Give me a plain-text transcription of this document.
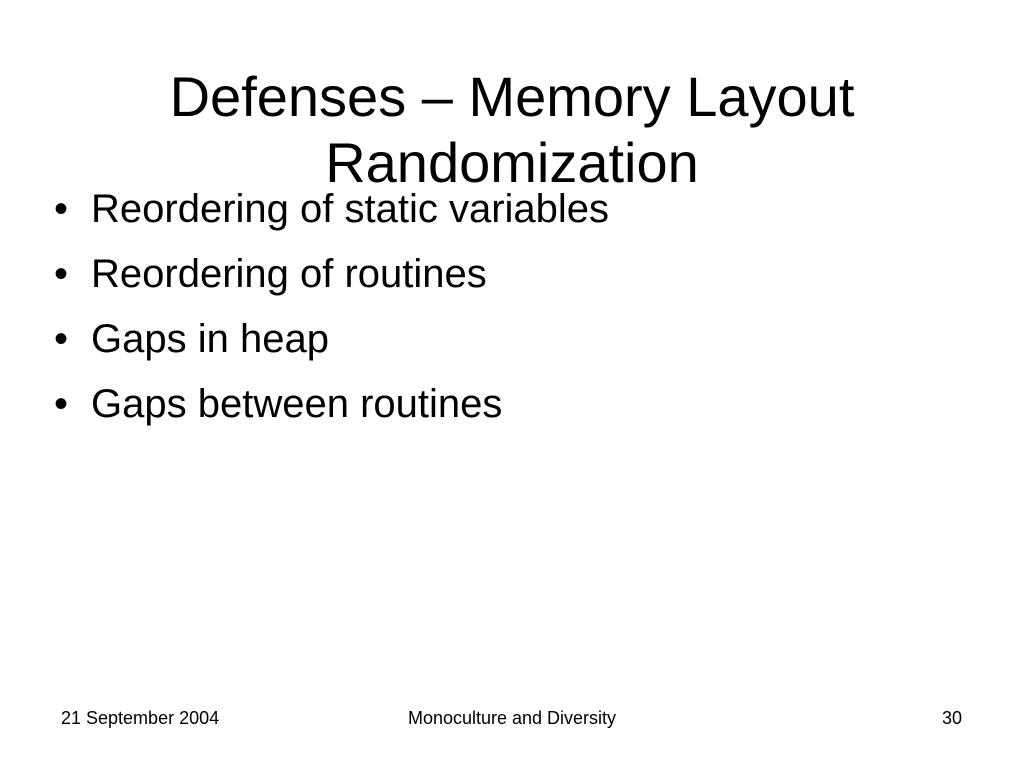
Defenses – Memory Layout
Randomization
• Reordering of static variables
• Reordering of routines
• Gaps in heap
• Gaps between routines
21 September 2004	Monoculture and Diversity	30
